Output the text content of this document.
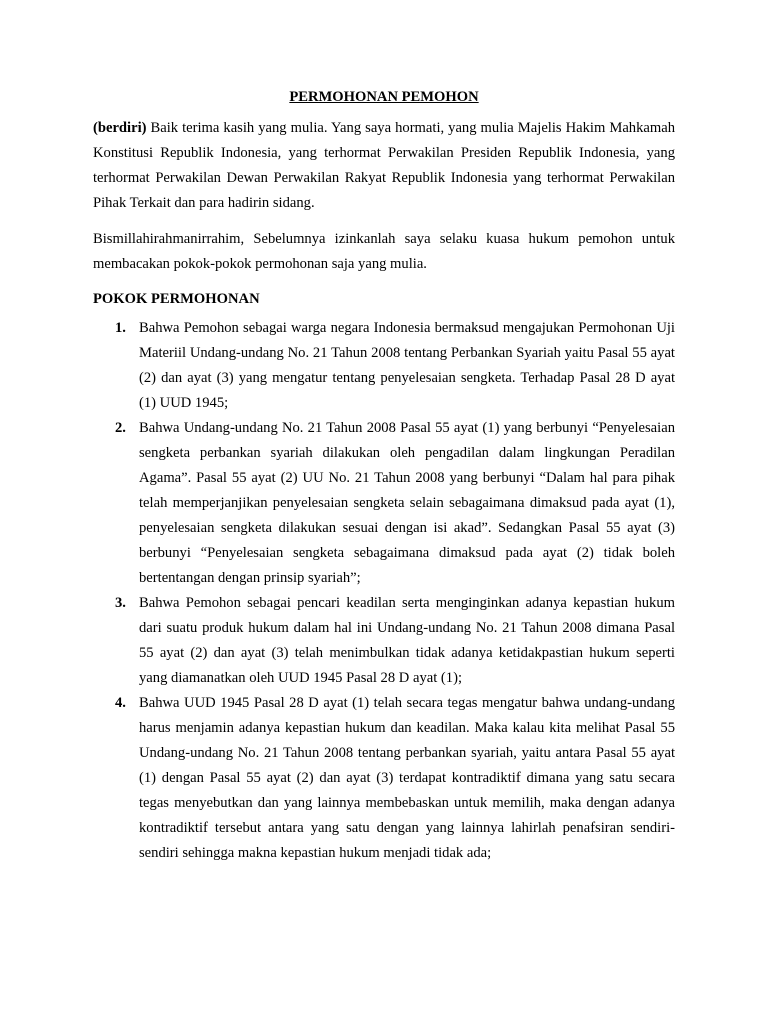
PERMOHONAN PEMOHON

(berdiri) Baik terima kasih yang mulia. Yang saya hormati, yang mulia Majelis Hakim Mahkamah Konstitusi Republik Indonesia, yang terhormat Perwakilan Presiden Republik Indonesia, yang terhormat Perwakilan Dewan Perwakilan Rakyat Republik Indonesia yang terhormat Perwakilan Pihak Terkait dan para hadirin sidang.

Bismillahirahmanirrahim, Sebelumnya izinkanlah saya selaku kuasa hukum pemohon untuk membacakan pokok-pokok permohonan saja yang mulia.

POKOK PERMOHONAN
1. Bahwa Pemohon sebagai warga negara Indonesia bermaksud mengajukan Permohonan Uji Materiil Undang-undang No. 21 Tahun 2008 tentang Perbankan Syariah yaitu Pasal 55 ayat (2) dan ayat (3) yang mengatur tentang penyelesaian sengketa. Terhadap Pasal 28 D ayat (1) UUD 1945;
2. Bahwa Undang-undang No. 21 Tahun 2008 Pasal 55 ayat (1) yang berbunyi “Penyelesaian sengketa perbankan syariah dilakukan oleh pengadilan dalam lingkungan Peradilan Agama”. Pasal 55 ayat (2) UU No. 21 Tahun 2008 yang berbunyi “Dalam hal para pihak telah memperjanjikan penyelesaian sengketa selain sebagaimana dimaksud pada ayat (1), penyelesaian sengketa dilakukan sesuai dengan isi akad”. Sedangkan Pasal 55 ayat (3) berbunyi “Penyelesaian sengketa sebagaimana dimaksud pada ayat (2) tidak boleh bertentangan dengan prinsip syariah”;
3. Bahwa Pemohon sebagai pencari keadilan serta menginginkan adanya kepastian hukum dari suatu produk hukum dalam hal ini Undang-undang No. 21 Tahun 2008 dimana Pasal 55 ayat (2) dan ayat (3) telah menimbulkan tidak adanya ketidakpastian hukum seperti yang diamanatkan oleh UUD 1945 Pasal 28 D ayat (1);
4. Bahwa UUD 1945 Pasal 28 D ayat (1) telah secara tegas mengatur bahwa undang-undang harus menjamin adanya kepastian hukum dan keadilan. Maka kalau kita melihat Pasal 55 Undang-undang No. 21 Tahun 2008 tentang perbankan syariah, yaitu antara Pasal 55 ayat (1) dengan Pasal 55 ayat (2) dan ayat (3) terdapat kontradiktif dimana yang satu secara tegas menyebutkan dan yang lainnya membebaskan untuk memilih, maka dengan adanya kontradiktif tersebut antara yang satu dengan yang lainnya lahirlah penafsiran sendiri-sendiri sehingga makna kepastian hukum menjadi tidak ada;
